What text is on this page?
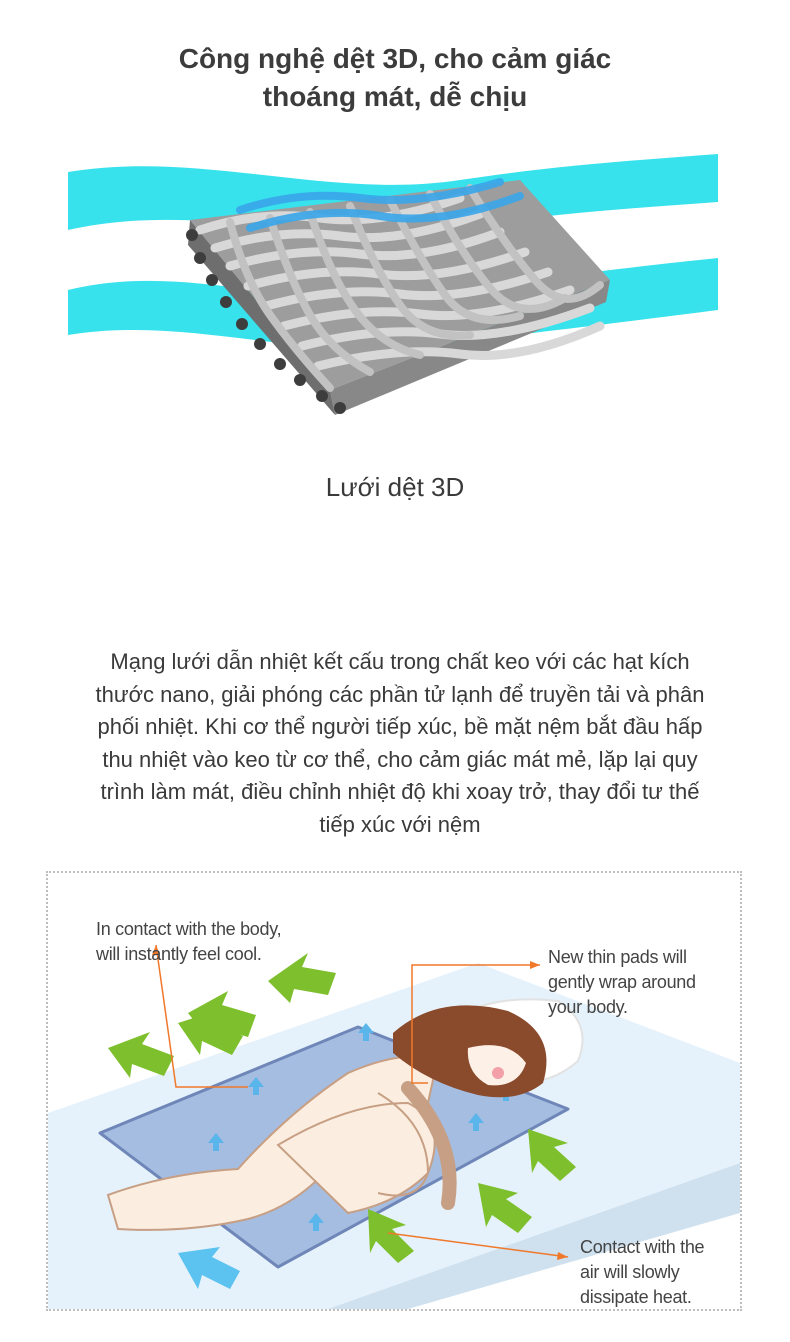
Công nghệ dệt 3D, cho cảm giác
thoáng mát, dễ chịu
Lưới dệt 3D
Mạng lưới dẫn nhiệt kết cấu trong chất keo với các hạt kích
thước nano, giải phóng các phần tử lạnh để truyền tải và phân
phối nhiệt. Khi cơ thể người tiếp xúc, bề mặt nệm bắt đầu hấp
thu nhiệt vào keo từ cơ thể, cho cảm giác mát mẻ, lặp lại quy
trình làm mát, điều chỉnh nhiệt độ khi xoay trở, thay đổi tư thế
tiếp xúc với nệm
In contact with the body,
will instantly feel cool.	New thin pads will
gently wrap around
your body.
Contact with the
air will slowly
dissipate heat.
